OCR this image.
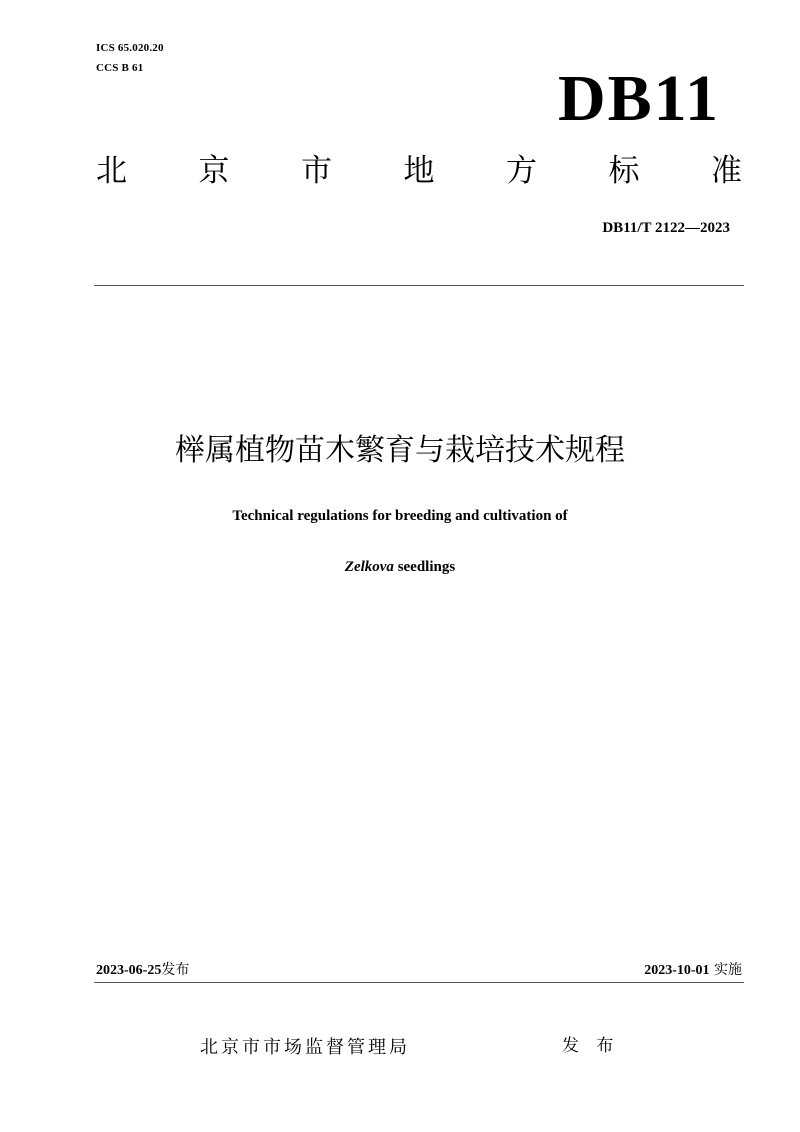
ICS 65.020.20
CCS B 61	DB11
北 京 市 地 方 标 准
DB11/T 2122—2023
榉属植物苗木繁育与栽培技术规程
Technical regulations for breeding and cultivation of
Zelkova seedlings
2023-06-25发布	2023-10-01 实施
北京市市场监督管理局	发 布
